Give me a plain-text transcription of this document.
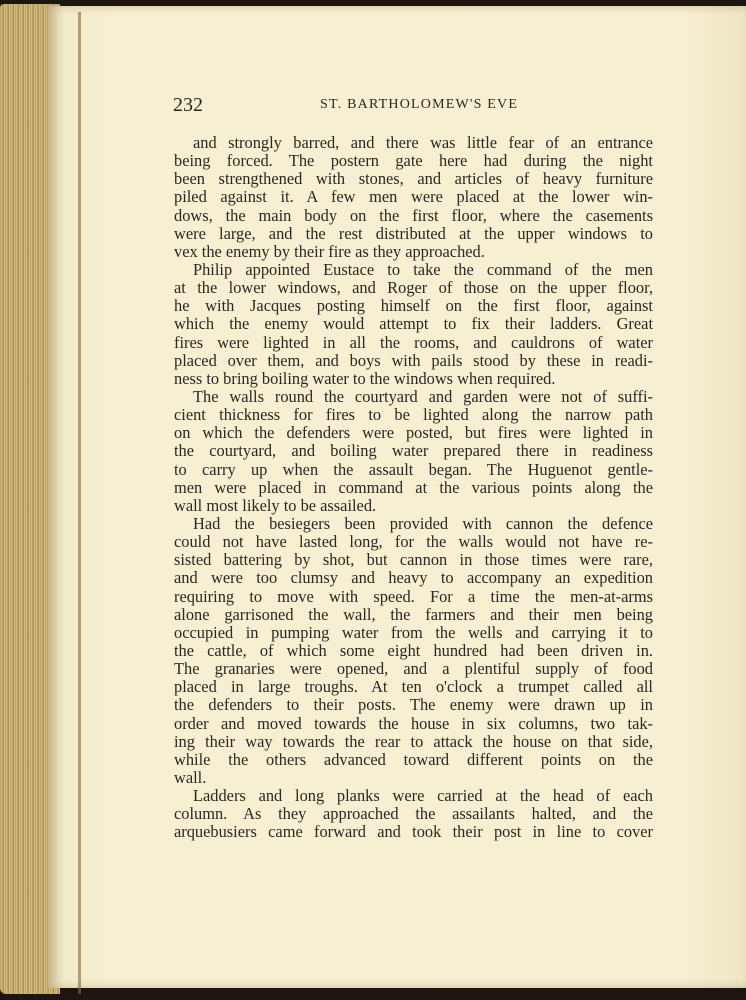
232	ST. BARTHOLOMEW'S EVE
and strongly barred, and there was little fear of an entrance
being forced. The postern gate here had during the night
been strengthened with stones, and articles of heavy furniture
piled against it. A few men were placed at the lower win-
dows, the main body on the first floor, where the casements
were large, and the rest distributed at the upper windows to
vex the enemy by their fire as they approached.
Philip appointed Eustace to take the command of the men
at the lower windows, and Roger of those on the upper floor,
he with Jacques posting himself on the first floor, against
which the enemy would attempt to fix their ladders. Great
fires were lighted in all the rooms, and cauldrons of water
placed over them, and boys with pails stood by these in readi-
ness to bring boiling water to the windows when required.
The walls round the courtyard and garden were not of suffi-
cient thickness for fires to be lighted along the narrow path
on which the defenders were posted, but fires were lighted in
the courtyard, and boiling water prepared there in readiness
to carry up when the assault began. The Huguenot gentle-
men were placed in command at the various points along the
wall most likely to be assailed.
Had the besiegers been provided with cannon the defence
could not have lasted long, for the walls would not have re-
sisted battering by shot, but cannon in those times were rare,
and were too clumsy and heavy to accompany an expedition
requiring to move with speed. For a time the men-at-arms
alone garrisoned the wall, the farmers and their men being
occupied in pumping water from the wells and carrying it to
the cattle, of which some eight hundred had been driven in.
The granaries were opened, and a plentiful supply of food
placed in large troughs. At ten o'clock a trumpet called all
the defenders to their posts. The enemy were drawn up in
order and moved towards the house in six columns, two tak-
ing their way towards the rear to attack the house on that side,
while the others advanced toward different points on the
wall.
Ladders and long planks were carried at the head of each
column. As they approached the assailants halted, and the
arquebusiers came forward and took their post in line to cover
